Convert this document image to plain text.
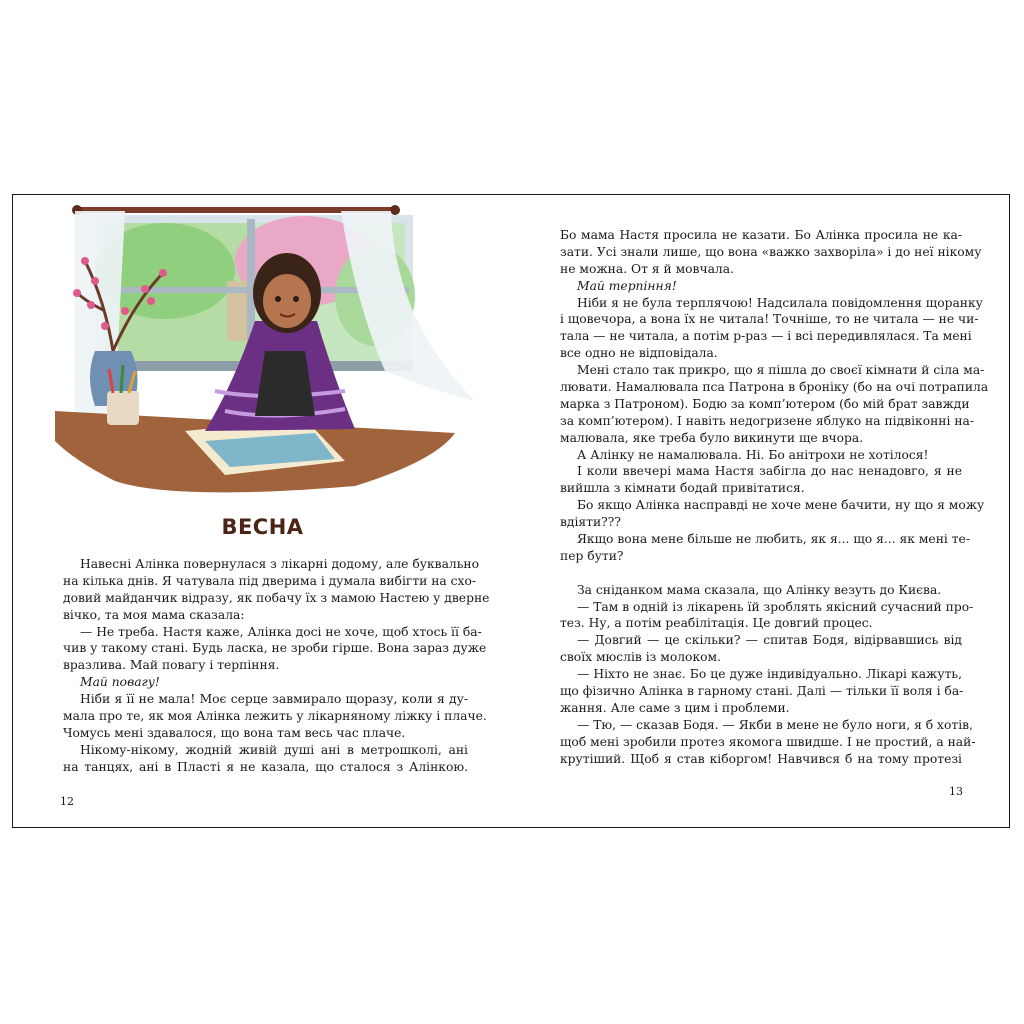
ВЕСНА
Навесні Алінка повернулася з лікарні додому, але буквально
на кілька днів. Я чатувала під дверима і думала вибігти на схо-
довий майданчик відразу, як побачу їх з мамою Настею у дверне
вічко, та моя мама сказала:
— Не треба. Настя каже, Алінка досі не хоче, щоб хтось її ба-
чив у такому стані. Будь ласка, не зроби гірше. Вона зараз дуже
вразлива. Май повагу і терпіння.
Май повагу!
Ніби я її не мала! Моє серце завмирало щоразу, коли я ду-
мала про те, як моя Алінка лежить у лікарняному ліжку і плаче.
Чомусь мені здавалося, що вона там весь час плаче.
Нікому-нікому, жодній живій душі ані в метрошколі, ані
на танцях, ані в Пласті я не казала, що сталося з Алінкою.
Бо мама Настя просила не казати. Бо Алінка просила не ка-
зати. Усі знали лише, що вона «важко захворіла» і до неї нікому
не можна. От я й мовчала.
Май терпіння!
Ніби я не була терплячою! Надсилала повідомлення щоранку
і щовечора, а вона їх не читала! Точніше, то не читала — не чи-
тала — не читала, а потім р-раз — і всі передивлялася. Та мені
все одно не відповідала.
Мені стало так прикро, що я пішла до своєї кімнати й сіла ма-
лювати. Намалювала пса Патрона в броніку (бо на очі потрапила
марка з Патроном). Бодю за комп’ютером (бо мій брат завжди
за комп’ютером). І навіть недогризене яблуко на підвіконні на-
малювала, яке треба було викинути ще вчора.
А Алінку не намалювала. Ні. Бо анітрохи не хотілося!
І коли ввечері мама Настя забігла до нас ненадовго, я не
вийшла з кімнати бодай привітатися.
Бо якщо Алінка насправді не хоче мене бачити, ну що я можу
вдіяти???
Якщо вона мене більше не любить, як я... що я... як мені те-
пер бути?

За сніданком мама сказала, що Алінку везуть до Києва.
— Там в одній із лікарень їй зроблять якісний сучасний про-
тез. Ну, а потім реабілітація. Це довгий процес.
— Довгий — це скільки? — спитав Бодя, відірвавшись від
своїх мюслів із молоком.
— Ніхто не знає. Бо це дуже індивідуально. Лікарі кажуть,
що фізично Алінка в гарному стані. Далі — тільки її воля і ба-
жання. Але саме з цим і проблеми.
— Тю, — сказав Бодя. — Якби в мене не було ноги, я б хотів,
щоб мені зробили протез якомога швидше. І не простий, а най-
крутіший. Щоб я став кіборгом! Навчився б на тому протезі
12
13
